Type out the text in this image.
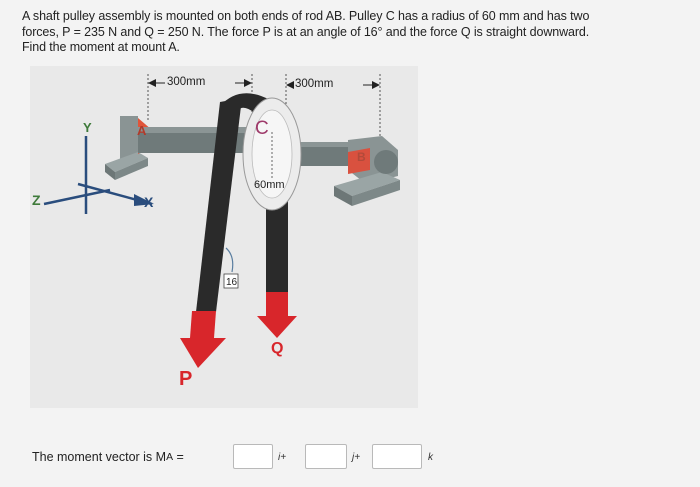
A shaft pulley assembly is mounted on both ends of rod AB. Pulley C has a radius of 60 mm and has two

forces, P = 235 N and Q = 250 N. The force P is at an angle of 16° and the force Q is straight downward.

Find the moment at mount A.

300mm	300mm
C
A
B
60mm
16
P
Q
Y
Z	X
The moment vector is M A
=	i+	j+	k
